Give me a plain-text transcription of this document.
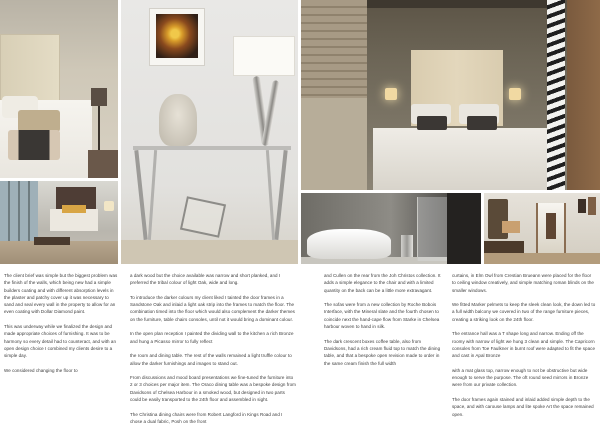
The client brief was simple but the biggest problem was the finish of the walls, which being new had a simple builders coating and with different absorption levels in the plaster and patchy cover up it was necessary to sand and seal every wall in the property to allow for an even coating with Dollar Diamond paint.

This was underway while we finalized the design and made appropriate choices of furnishing. It was to be harmony so every detail had to counteract, and with an open design choice I combined my clients desire to a simple day.

We considered changing the floor to

a dark wood but the choice available was narrow and short planked, and I preferred the tribal colour of light Oak, wide and long.

To introduce the darker colours my client liked I tainted the door frames in a Sandstone Oak and inlaid a light oak strip into the frames to match the floor. The combination timed into the floor which would also complement the darker themes on the furniture, table chairs consoles, until not it would bring a dominant colour.

In the open plan reception I painted the dividing wall to the kitchen a rich Bronze and hung a Picasso mirror to fully reflect

the room and dining table. The rest of the walls remained a light truffle colour to allow the darker furnishings and images to stand out.

From discussions and mood board presentations we fine-tuned the furniture into 2 or 3 choices per major item. The Oraco dining table was a bespoke design from Davidsons of Chelsea Harbour in a smoked wood, but designed in two parts could be easily transported to the 24th floor and assembled in sight.

The Christina dining chairs were from Robert Langford in Kings Road and I chose a dual fabric, Posh on the front

and Cullen on the rear from the Joh Christos collection. It adds a simple elegance to the chair and with a limited quantity on the back can be a little more extravagant.

The sofas were from a new collection by Roche Bobois Interface, with the Mineral slate and the fourth chosen to coincide next the hand-cape flow from Starke in Chelsea harbour woven to hand in silk.

The dark crescent boxes coffee table, also from Davidsons, had a rich cream fluid top to match the dining table, and that a bespoke open revision made to order in the same cream finish the full width

curtains, in Elm Owl from Crestian Brueann were placed for the floor to ceiling window creatively, and simple matching roman blinds on the smaller windows.

We fitted Marker pelmets to keep the sleek clean look, the down led to a full width balcony we covered in two of the range furniture pieces, creating a striking look on the 24th floor.

The entrance hall was a T shape long and narrow. Ending off the roomy with narrow of light we hung 3 clean and simple. The Capricorn consoles from Toe Faulkner in burnt roof were adapted to fit the space and cast in Apal Bronze

with a mat glass top, narrow enough to not be obstructive but wide enough to serve the purpose. The oft round seed mirrors in Bronze were from our private collection.

The door frames again stained and inlaid added simple depth to the space, and with carouse lamps and lite spoke Art the space remained open.
